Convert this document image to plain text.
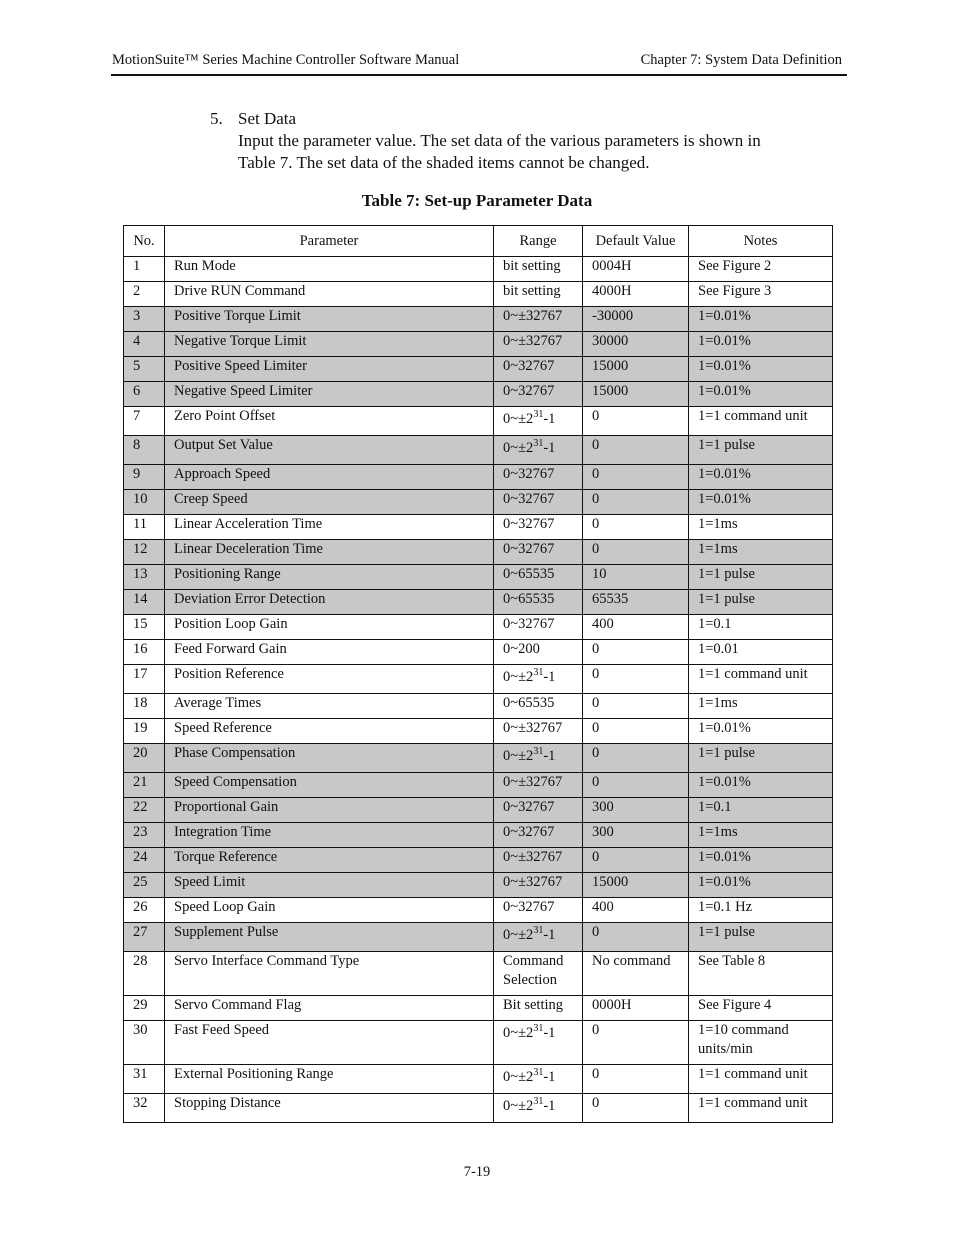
MotionSuite™ Series Machine Controller Software Manual	Chapter 7: System Data Definition
5. Set Data
Input the parameter value. The set data of the various parameters is shown in
Table 7. The set data of the shaded items cannot be changed.
Table 7: Set-up Parameter Data
No.	Parameter	Range	Default Value	Notes
1	Run Mode	bit setting	0004H	See Figure 2
2	Drive RUN Command	bit setting	4000H	See Figure 3
3	Positive Torque Limit	0~±32767	-30000	1=0.01%
4	Negative Torque Limit	0~±32767	30000	1=0.01%
5	Positive Speed Limiter	0~32767	15000	1=0.01%
6	Negative Speed Limiter	0~32767	15000	1=0.01%
7	Zero Point Offset	$0\sim\pm 2^{31}-1$	0	1=1 command unit
8	Output Set Value	$0\sim\pm 2^{31}-1$	0	1=1 pulse
9	Approach Speed	0~32767	0	1=0.01%
10	Creep Speed	0~32767	0	1=0.01%
11	Linear Acceleration Time	0~32767	0	1=1ms
12	Linear Deceleration Time	0~32767	0	1=1ms
13	Positioning Range	0~65535	10	1=1 pulse
14	Deviation Error Detection	0~65535	65535	1=1 pulse
15	Position Loop Gain	0~32767	400	1=0.1
16	Feed Forward Gain	0~200	0	1=0.01
17	Position Reference	$0\sim\pm 2^{31}-1$	0	1=1 command unit
18	Average Times	0~65535	0	1=1ms
19	Speed Reference	0~±32767	0	1=0.01%
20	Phase Compensation	$0\sim\pm 2^{31}-1$	0	1=1 pulse
21	Speed Compensation	0~±32767	0	1=0.01%
22	Proportional Gain	0~32767	300	1=0.1
23	Integration Time	0~32767	300	1=1ms
24	Torque Reference	0~±32767	0	1=0.01%
25	Speed Limit	0~±32767	15000	1=0.01%
26	Speed Loop Gain	0~32767	400	1=0.1 Hz
27	Supplement Pulse	$0\sim\pm 2^{31}-1$	0	1=1 pulse
28	Servo Interface Command Type	Command Selection	No command	See Table 8
29	Servo Command Flag	Bit setting	0000H	See Figure 4
30	Fast Feed Speed	$0\sim\pm 2^{31}-1$	0	1=10 command units/min
31	External Positioning Range	$0\sim\pm 2^{31}-1$	0	1=1 command unit
32	Stopping Distance	$0\sim\pm 2^{31}-1$	0	1=1 command unit
7-19
